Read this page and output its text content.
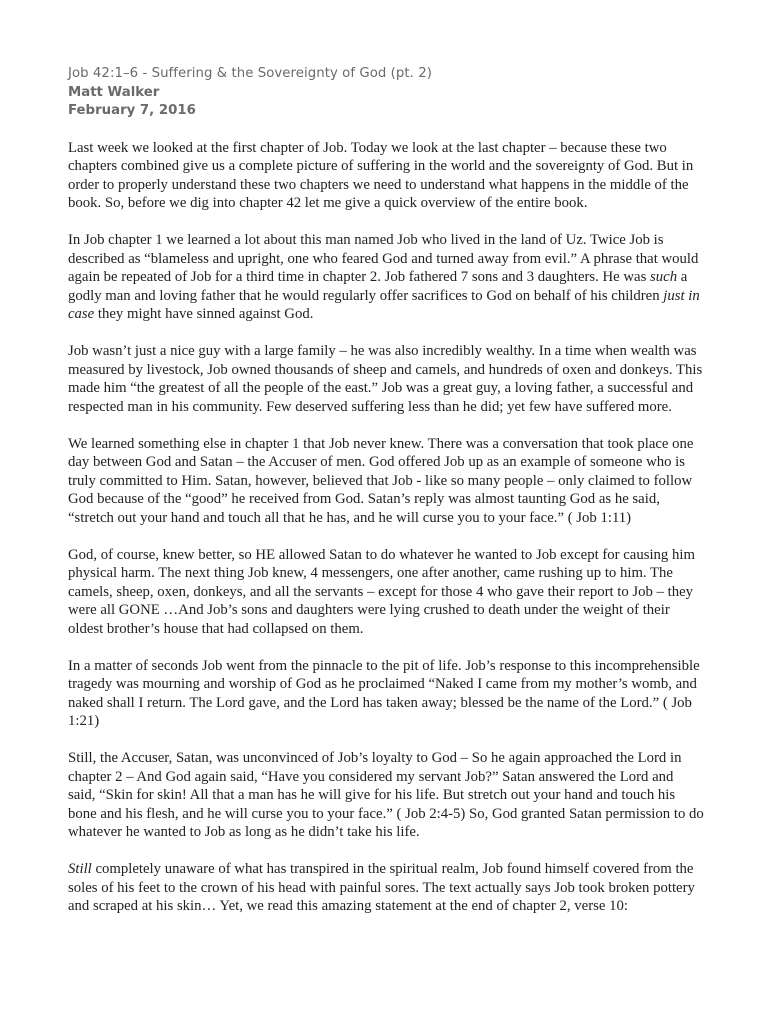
Job 42:1–6 - Suffering & the Sovereignty of God (pt. 2)

Matt Walker

February 7, 2016

Last week we looked at the first chapter of Job. Today we look at the last chapter – because these two chapters combined give us a complete picture of suffering in the world and the sovereignty of God. But in order to properly understand these two chapters we need to understand what happens in the middle of the book. So, before we dig into chapter 42 let me give a quick overview of the entire book.

In Job chapter 1 we learned a lot about this man named Job who lived in the land of Uz. Twice Job is described as “blameless and upright, one who feared God and turned away from evil.” A phrase that would again be repeated of Job for a third time in chapter 2. Job fathered 7 sons and 3 daughters. He was such a godly man and loving father that he would regularly offer sacrifices to God on behalf of his children just in case they might have sinned against God.

Job wasn’t just a nice guy with a large family – he was also incredibly wealthy. In a time when wealth was measured by livestock, Job owned thousands of sheep and camels, and hundreds of oxen and donkeys. This made him “the greatest of all the people of the east.” Job was a great guy, a loving father, a successful and respected man in his community. Few deserved suffering less than he did; yet few have suffered more.

We learned something else in chapter 1 that Job never knew. There was a conversation that took place one day between God and Satan – the Accuser of men. God offered Job up as an example of someone who is truly committed to Him. Satan, however, believed that Job - like so many people – only claimed to follow God because of the “good” he received from God. Satan’s reply was almost taunting God as he said, “stretch out your hand and touch all that he has, and he will curse you to your face.” ( Job 1:11)

God, of course, knew better, so HE allowed Satan to do whatever he wanted to Job except for causing him physical harm. The next thing Job knew, 4 messengers, one after another, came rushing up to him. The camels, sheep, oxen, donkeys, and all the servants – except for those 4 who gave their report to Job – they were all GONE …And Job’s sons and daughters were lying crushed to death under the weight of their oldest brother’s house that had collapsed on them.

In a matter of seconds Job went from the pinnacle to the pit of life. Job’s response to this incomprehensible tragedy was mourning and worship of God as he proclaimed “Naked I came from my mother’s womb, and naked shall I return. The Lord gave, and the Lord has taken away; blessed be the name of the Lord.” ( Job 1:21)

Still, the Accuser, Satan, was unconvinced of Job’s loyalty to God – So he again approached the Lord in chapter 2 – And God again said, “Have you considered my servant Job?” Satan answered the Lord and said, “Skin for skin! All that a man has he will give for his life. But stretch out your hand and touch his bone and his flesh, and he will curse you to your face.” ( Job 2:4-5) So, God granted Satan permission to do whatever he wanted to Job as long as he didn’t take his life.

Still completely unaware of what has transpired in the spiritual realm, Job found himself covered from the soles of his feet to the crown of his head with painful sores. The text actually says Job took broken pottery and scraped at his skin… Yet, we read this amazing statement at the end of chapter 2, verse 10:
